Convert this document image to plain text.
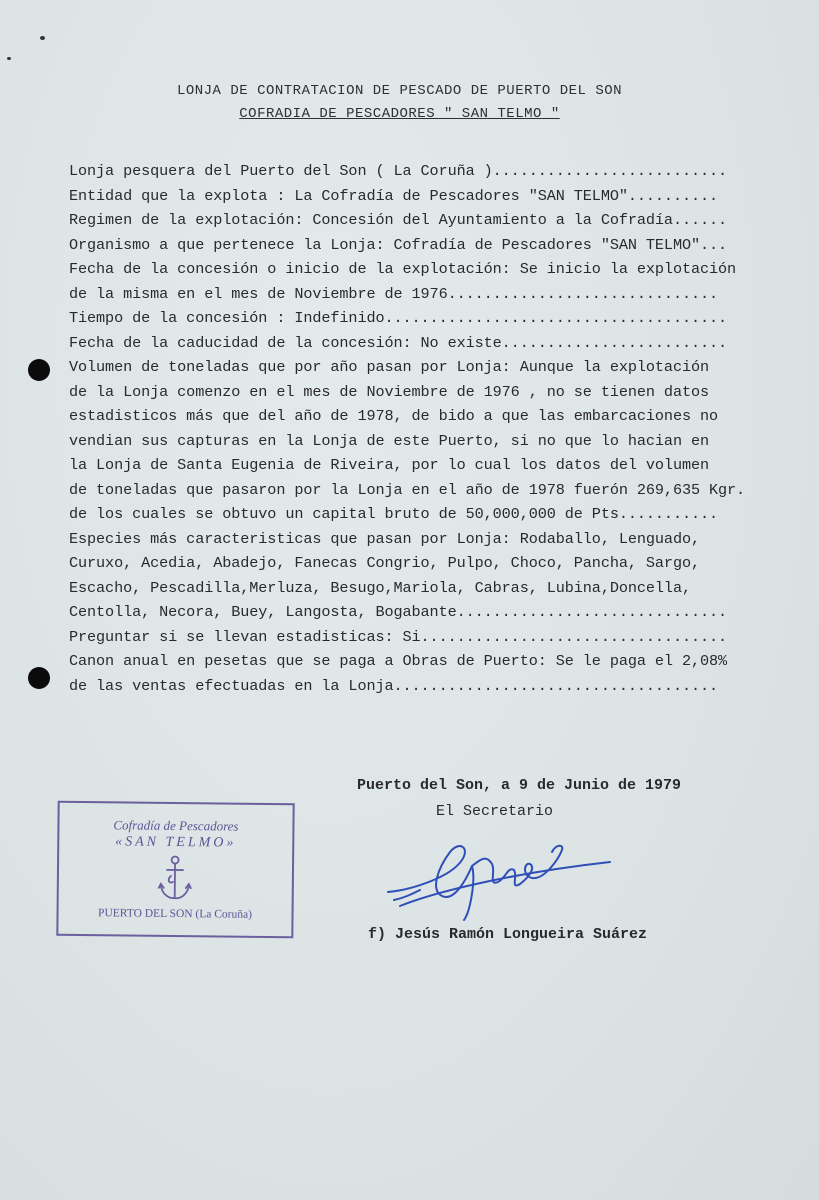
LONJA DE CONTRATACION DE PESCADO DE PUERTO DEL SON
COFRADIA DE PESCADORES " SAN TELMO "
Lonja pesquera del Puerto del Son ( La Coruña )..........................
Entidad que la explota : La Cofradía de Pescadores "SAN TELMO"..........
Regimen de la explotación: Concesión del Ayuntamiento a la Cofradía......
Organismo a que pertenece la Lonja: Cofradía de Pescadores "SAN TELMO"...
Fecha de la concesión o inicio de la explotación: Se inicio la explotación
de la misma en el mes de Noviembre de 1976..............................
Tiempo de la concesión : Indefinido......................................
Fecha de la caducidad de la concesión: No existe.........................
Volumen de toneladas que por año pasan por Lonja: Aunque la explotación
de la Lonja comenzo en el mes de Noviembre de 1976 , no se tienen datos
estadisticos más que del año de 1978, de bido a que las embarcaciones no
vendian sus capturas en la Lonja de este Puerto, si no que lo hacian en
la Lonja de Santa Eugenia de Riveira, por lo cual los datos del volumen
de toneladas que pasaron por la Lonja en el año de 1978 fuerón 269,635 Kgr.
de los cuales se obtuvo un capital bruto de 50,000,000 de Pts...........
Especies más caracteristicas que pasan por Lonja: Rodaballo, Lenguado,
Curuxo, Acedia, Abadejo, Fanecas Congrio, Pulpo, Choco, Pancha, Sargo,
Escacho, Pescadilla,Merluza, Besugo,Mariola, Cabras, Lubina,Doncella,
Centolla, Necora, Buey, Langosta, Bogabante..............................
Preguntar si se llevan estadisticas: Si..................................
Canon anual en pesetas que se paga a Obras de Puerto: Se le paga el 2,08%
de las ventas efectuadas en la Lonja....................................
Puerto del Son, a 9 de Junio de 1979
El Secretario
f) Jesús Ramón Longueira Suárez
Cofradía de Pescadores
«SAN TELMO»
PUERTO DEL SON (La Coruña)
